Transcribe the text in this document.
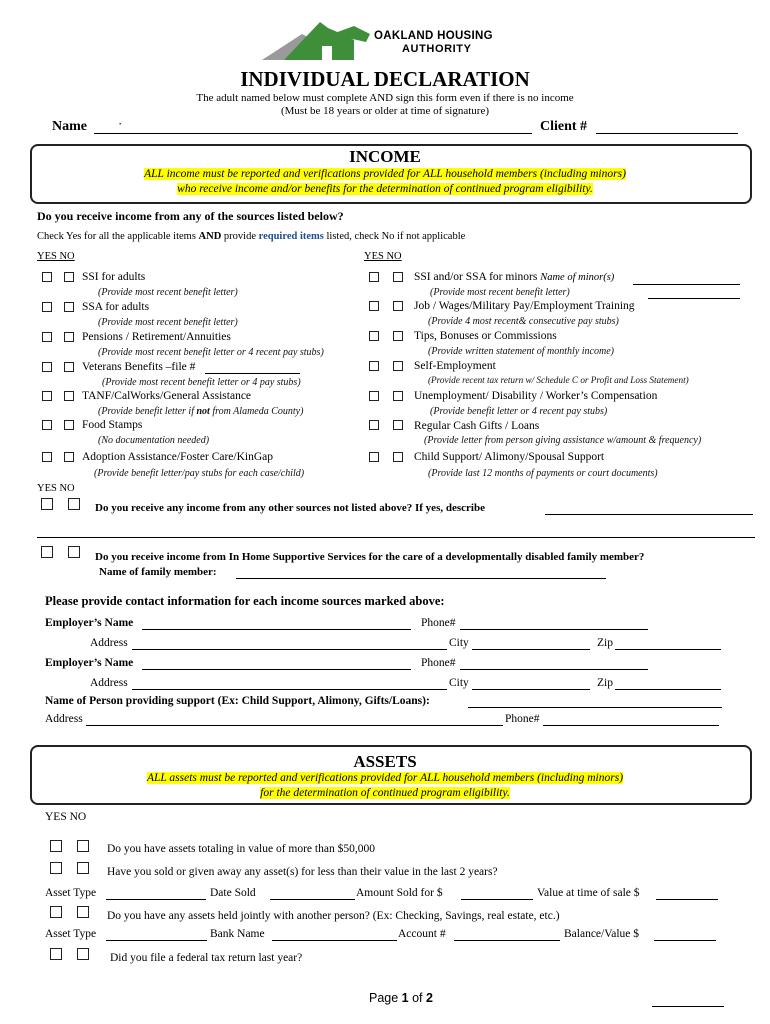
OAKLAND HOUSING
AUTHORITY
INDIVIDUAL DECLARATION
The adult named below must complete AND sign this form even if there is no income
(Must be 18 years or older at time of signature)
Name ·	Client #
INCOME
ALL income must be reported and verifications provided for ALL household members (including minors)
who receive income and/or benefits for the determination of continued program eligibility.
Do you receive income from any of the sources listed below?
Check Yes for all the applicable items AND provide required items listed, check No if not applicable
YES NO	YES NO
SSI for adults
(Provide most recent benefit letter)
SSA for adults
(Provide most recent benefit letter)
Pensions / Retirement/Annuities
(Provide most recent benefit letter or 4 recent pay stubs)
Veterans Benefits –file #
(Provide most recent benefit letter or 4 pay stubs)
TANF/CalWorks/General Assistance
(Provide benefit letter if not from Alameda County)
Food Stamps
(No documentation needed)
Adoption Assistance/Foster Care/KinGap
(Provide benefit letter/pay stubs for each case/child)
SSI and/or SSA for minors Name of minor(s)
(Provide most recent benefit letter)
Job / Wages/Military Pay/Employment Training
(Provide 4 most recent& consecutive pay stubs)
Tips, Bonuses or Commissions
(Provide written statement of monthly income)
Self-Employment
(Provide recent tax return w/ Schedule C or Profit and Loss Statement)
Unemployment/ Disability / Worker’s Compensation
(Provide benefit letter or 4 recent pay stubs)
Regular Cash Gifts / Loans
(Provide letter from person giving assistance w/amount & frequency)
Child Support/ Alimony/Spousal Support
(Provide last 12 months of payments or court documents)
YES NO
Do you receive any income from any other sources not listed above? If yes, describe
Do you receive income from In Home Supportive Services for the care of a developmentally disabled family member?
Name of family member:
Please provide contact information for each income sources marked above:
Employer’s Name	Phone#
Address	City	Zip
Employer’s Name	Phone#
Address	City	Zip
Name of Person providing support (Ex: Child Support, Alimony, Gifts/Loans):
Address	Phone#
ASSETS
ALL assets must be reported and verifications provided for ALL household members (including minors)
for the determination of continued program eligibility.
YES NO
Do you have assets totaling in value of more than $50,000
Have you sold or given away any asset(s) for less than their value in the last 2 years?
Asset Type	Date Sold	Amount Sold for $	Value at time of sale $
Do you have any assets held jointly with another person? (Ex: Checking, Savings, real estate, etc.)
Asset Type	Bank Name	Account #	Balance/Value $
Did you file a federal tax return last year?
Page 1 of 2
